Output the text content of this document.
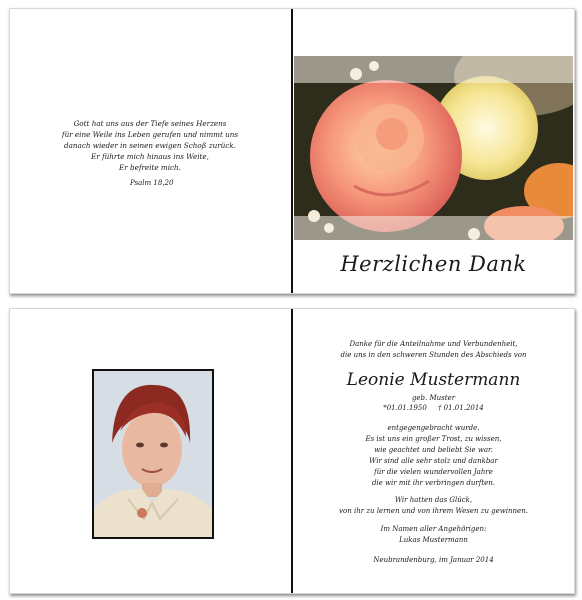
Gott hat uns aus der Tiefe seines Herzens
für eine Weile ins Leben gerufen und nimmt uns
danach wieder in seinen ewigen Schoß zurück.
Er führte mich hinaus ins Weite,
Er befreite mich.
Psalm 18,20
Herzlichen Dank
Danke für die Anteilnahme und Verbundenheit,
die uns in den schweren Stunden des Abschieds von
Leonie Mustermann
geb. Muster
*01.01.1950 † 01.01.2014
entgegengebracht wurde.
Es ist uns ein großer Trost, zu wissen,
wie geachtet und beliebt Sie war.
Wir sind alle sehr stolz und dankbar
für die vielen wundervollen Jahre
die wir mit ihr verbringen durften.
Wir hatten das Glück,
von ihr zu lernen und von ihrem Wesen zu gewinnen.
Im Namen aller Angehörigen:
Lukas Mustermann
Neubrandenburg, im Januar 2014
